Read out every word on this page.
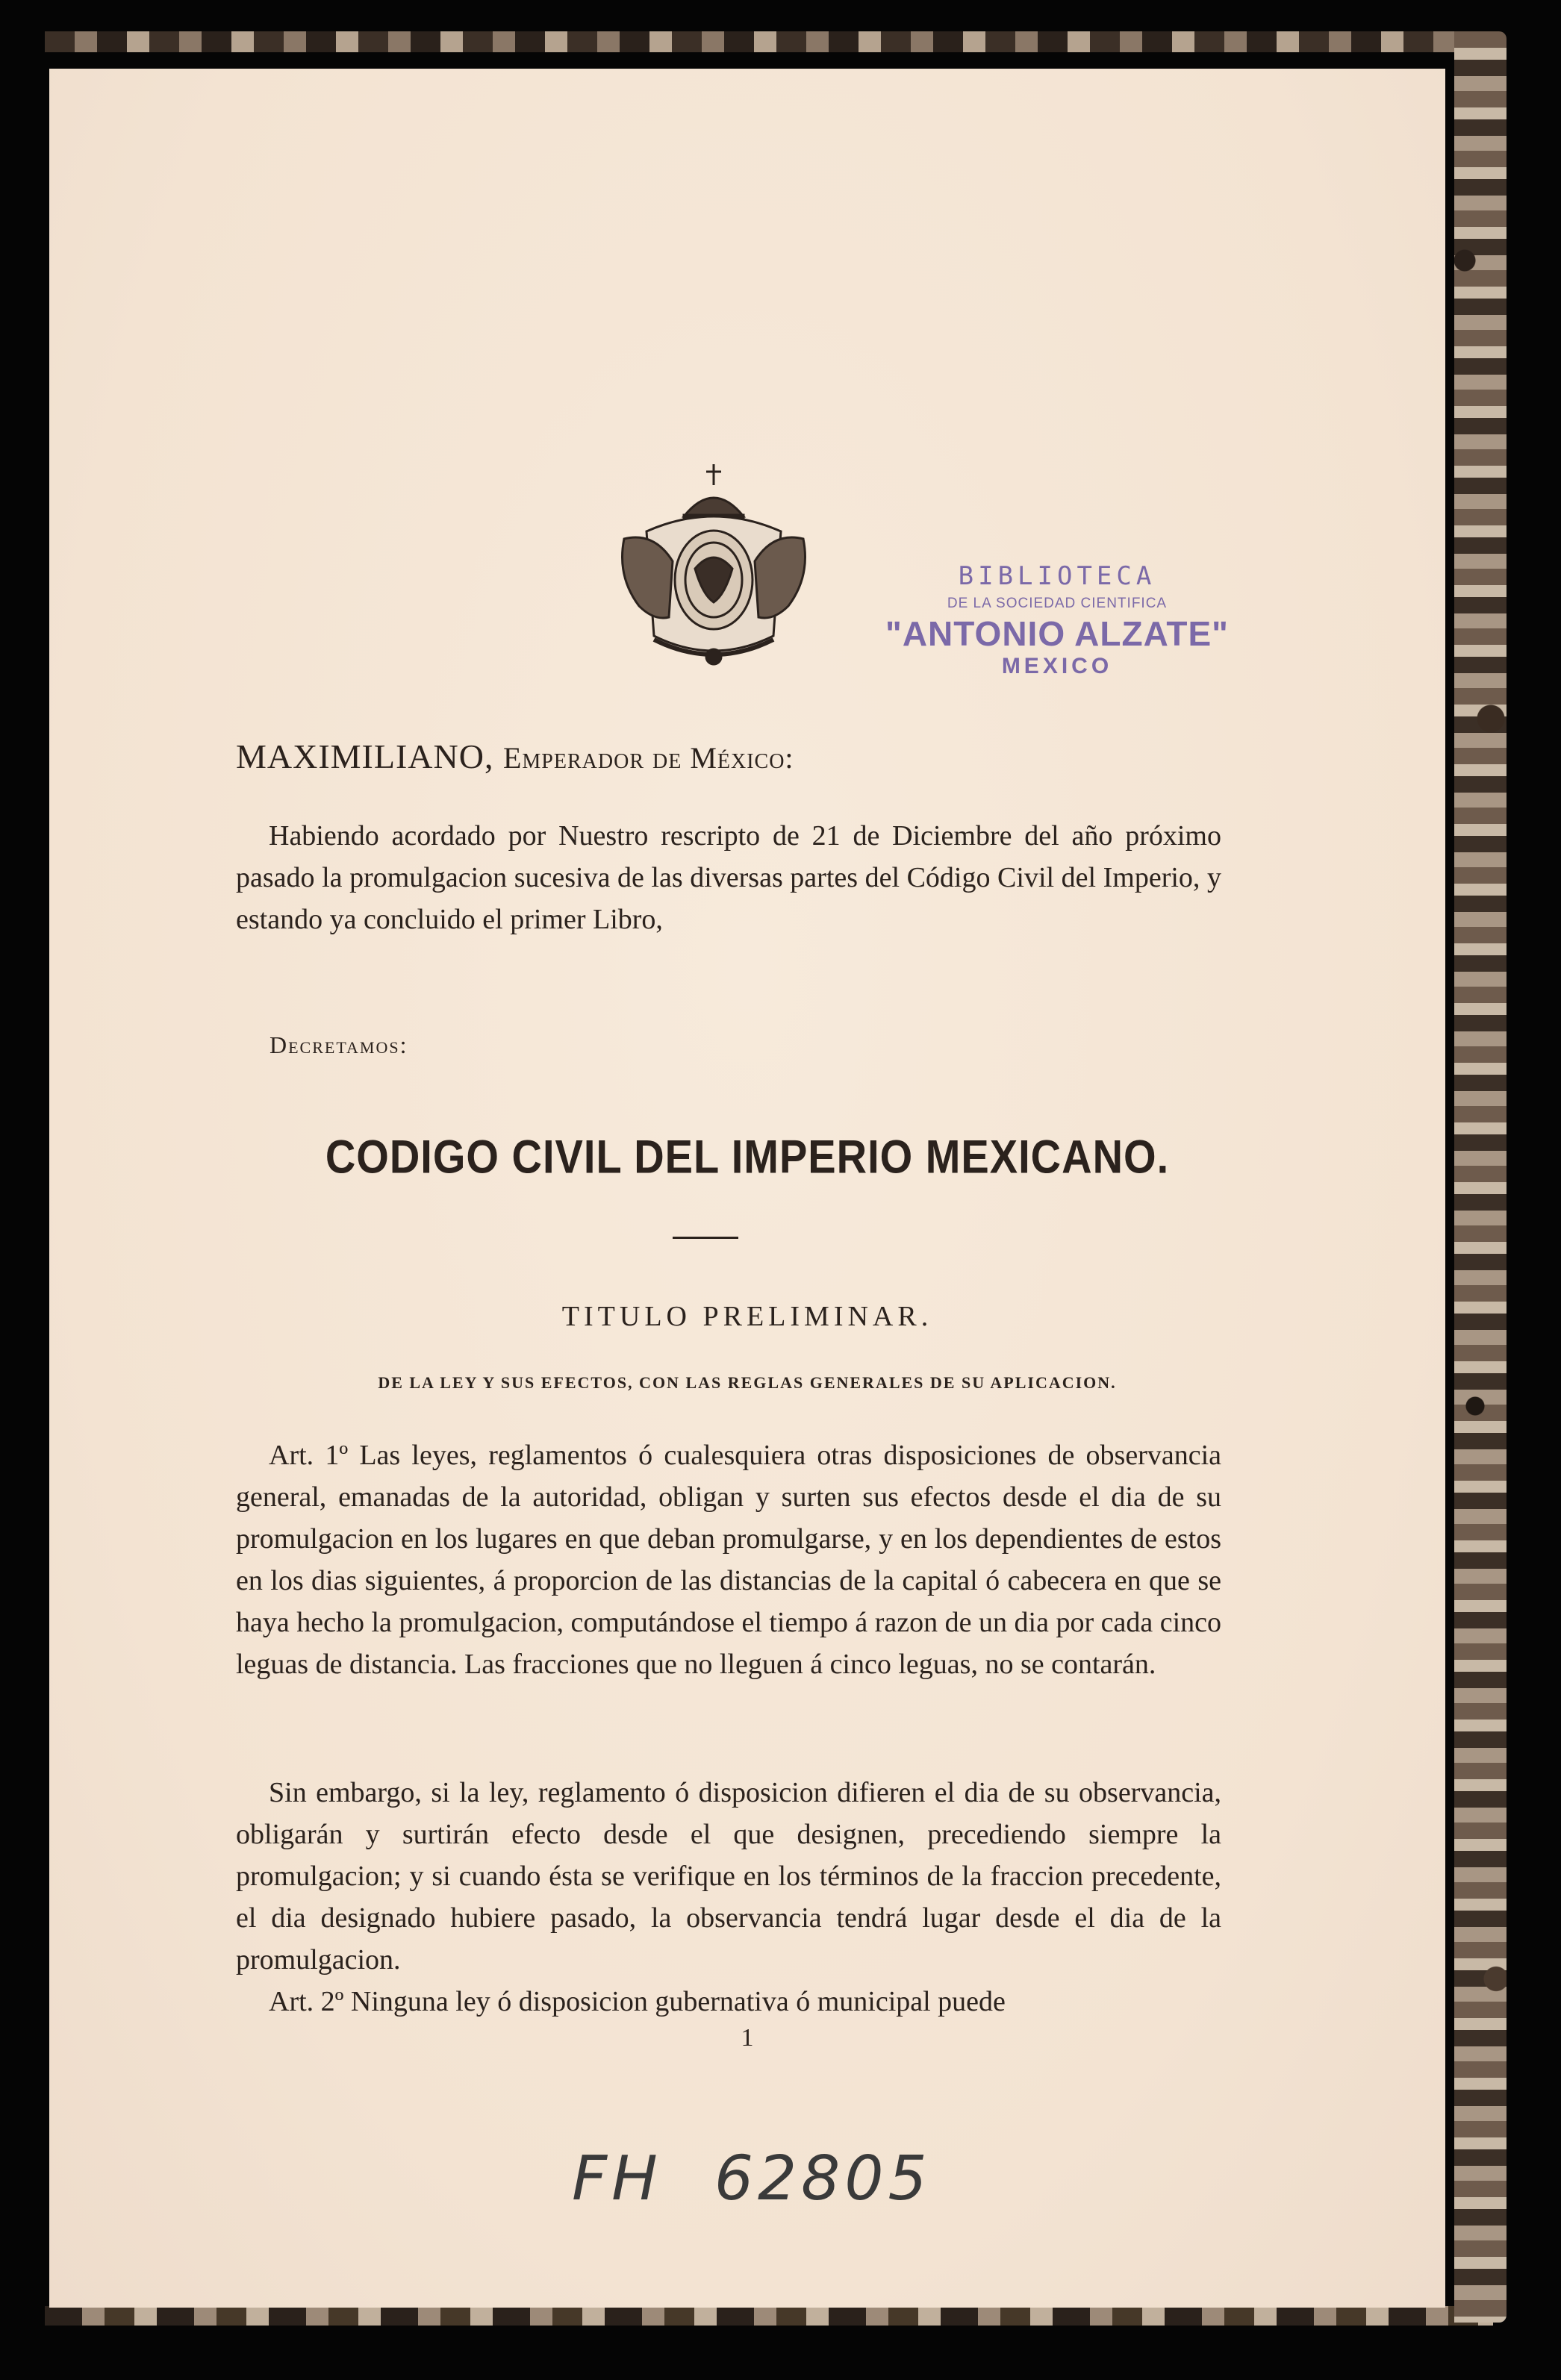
BIBLIOTECA
DE LA SOCIEDAD CIENTIFICA
"ANTONIO ALZATE"
MEXICO
MAXIMILIANO, Emperador de México:
Habiendo acordado por Nuestro rescripto de 21 de Diciembre del año próximo pasado la promulgacion sucesiva de las diversas partes del Código Civil del Imperio, y estando ya concluido el primer Libro,
Decretamos:
CODIGO CIVIL DEL IMPERIO MEXICANO.
TITULO PRELIMINAR.
DE LA LEY Y SUS EFECTOS, CON LAS REGLAS GENERALES DE SU APLICACION.
Art. 1º Las leyes, reglamentos ó cualesquiera otras disposiciones de observancia general, emanadas de la autoridad, obligan y surten sus efectos desde el dia de su promulgacion en los lugares en que deban promulgarse, y en los dependientes de estos en los dias siguientes, á proporcion de las distancias de la capital ó cabecera en que se haya hecho la promulgacion, computándose el tiempo á razon de un dia por cada cinco leguas de distancia. Las fracciones que no lleguen á cinco leguas, no se contarán.
Sin embargo, si la ley, reglamento ó disposicion difieren el dia de su observancia, obligarán y surtirán efecto desde el que designen, precediendo siempre la promulgacion; y si cuando ésta se verifique en los términos de la fraccion precedente, el dia designado hubiere pasado, la observancia tendrá lugar desde el dia de la promulgacion.
Art. 2º Ninguna ley ó disposicion gubernativa ó municipal puede
1
FH 62805
